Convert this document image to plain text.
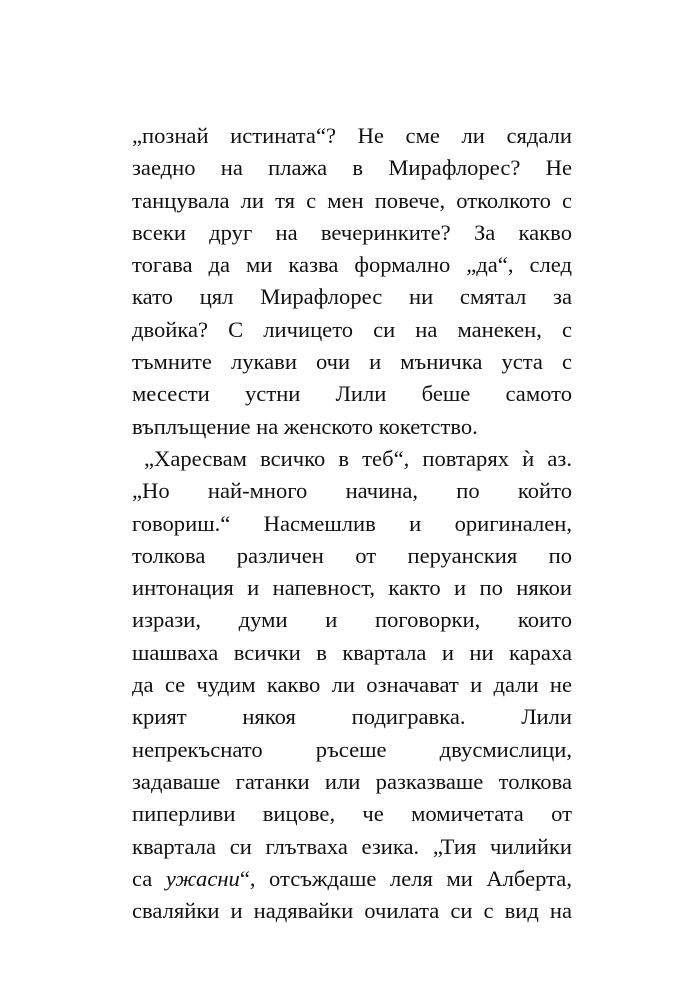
„познай истината“? Не сме ли сядали
заедно на плажа в Мирафлорес? Не
танцувала ли тя с мен повече, отколкото с
всеки друг на вечеринките? За какво
тогава да ми казва формално „да“, след
като цял Мирафлорес ни смятал за
двойка? С личицето си на манекен, с
тъмните лукави очи и мъничка уста с
месести устни Лили беше самото
въплъщение на женското кокетство.
„Харесвам всичко в теб“, повтарях ѝ аз.
„Но най-много начина, по който
говориш.“ Насмешлив и оригинален,
толкова различен от перуанския по
интонация и напевност, както и по някои
изрази, думи и поговорки, които
шашваха всички в квартала и ни караха
да се чудим какво ли означават и дали не
крият някоя подигравка. Лили
непрекъснато ръсеше двусмислици,
задаваше гатанки или разказваше толкова
пиперливи вицове, че момичетата от
квартала си глътваха езика. „Тия чилийки
са ужасни“, отсъждаше леля ми Алберта,
сваляйки и надявайки очилата си с вид на
